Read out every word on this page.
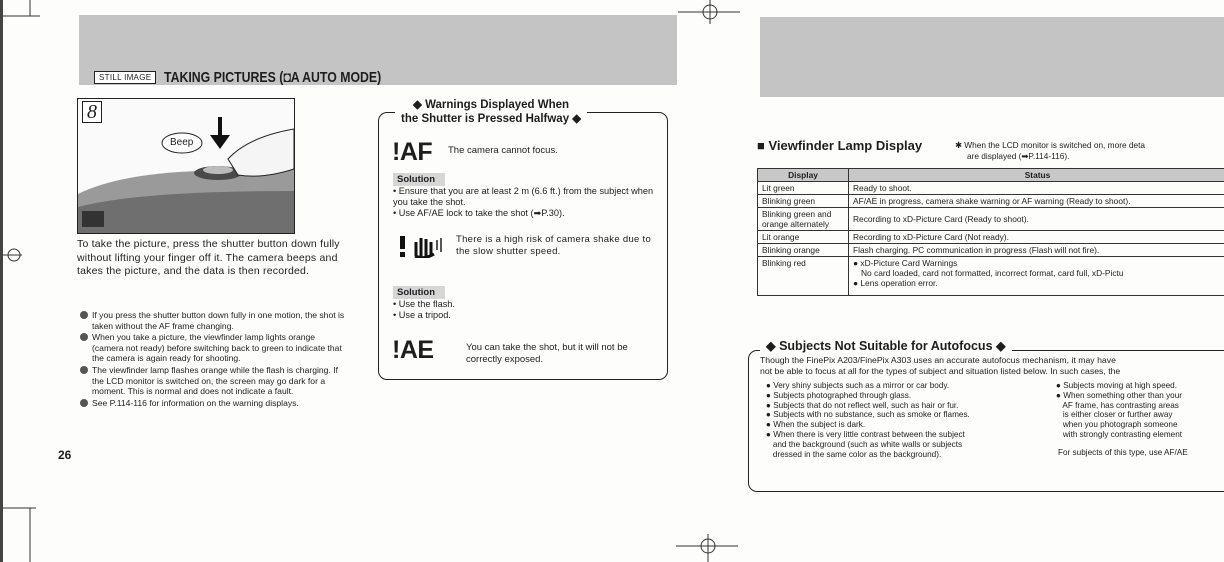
STILL IMAGE TAKING PICTURES (◘A AUTO MODE)
8
Beep
To take the picture, press the shutter button down fully without lifting your finger off it. The camera beeps and takes the picture, and the data is then recorded.
If you press the shutter button down fully in one motion, the shot is taken without the AF frame changing.
When you take a picture, the viewfinder lamp lights orange (camera not ready) before switching back to green to indicate that the camera is again ready for shooting.
The viewfinder lamp flashes orange while the flash is charging. If the LCD monitor is switched on, the screen may go dark for a moment. This is normal and does not indicate a fault.
See P.114-116 for information on the warning displays.
26
◆ Warnings Displayed When
the Shutter is Pressed Halfway ◆
!AF The camera cannot focus.
Solution
• Ensure that you are at least 2 m (6.6 ft.) from the subject when you take the shot.
• Use AF/AE lock to take the shot (➡P.30).
There is a high risk of camera shake due to the slow shutter speed.
Solution
• Use the flash.
• Use a tripod.
!AE	You can take the shot, but it will not be correctly exposed.
■ Viewfinder Lamp Display	✱ When the LCD monitor is switched on, more deta
are displayed (➡P.114-116).
Display	Status
Lit green	Ready to shoot.
Blinking green	AF/AE in progress, camera shake warning or AF warning (Ready to shoot).
Blinking green and orange alternately	Recording to xD-Picture Card (Ready to shoot).
Lit orange	Recording to xD-Picture Card (Not ready).
Blinking orange	Flash charging. PC communication in progress (Flash will not fire).
Blinking red	● xD-Picture Card Warnings
No card loaded, card not formatted, incorrect format, card full, xD-Pictu
● Lens operation error.
◆ Subjects Not Suitable for Autofocus ◆
Though the FinePix A203/FinePix A303 uses an accurate autofocus mechanism, it may have
not be able to focus at all for the types of subject and situation listed below. In such cases, the
● Very shiny subjects such as a mirror or car body.
● Subjects photographed through glass.
● Subjects that do not reflect well, such as hair or fur.
● Subjects with no substance, such as smoke or flames.
● When the subject is dark.
● When there is very little contrast between the subject
and the background (such as white walls or subjects
dressed in the same color as the background).
● Subjects moving at high speed.
● When something other than your
AF frame, has contrasting areas
is either closer or further away
when you photograph someone
with strongly contrasting element
For subjects of this type, use AF/AE
